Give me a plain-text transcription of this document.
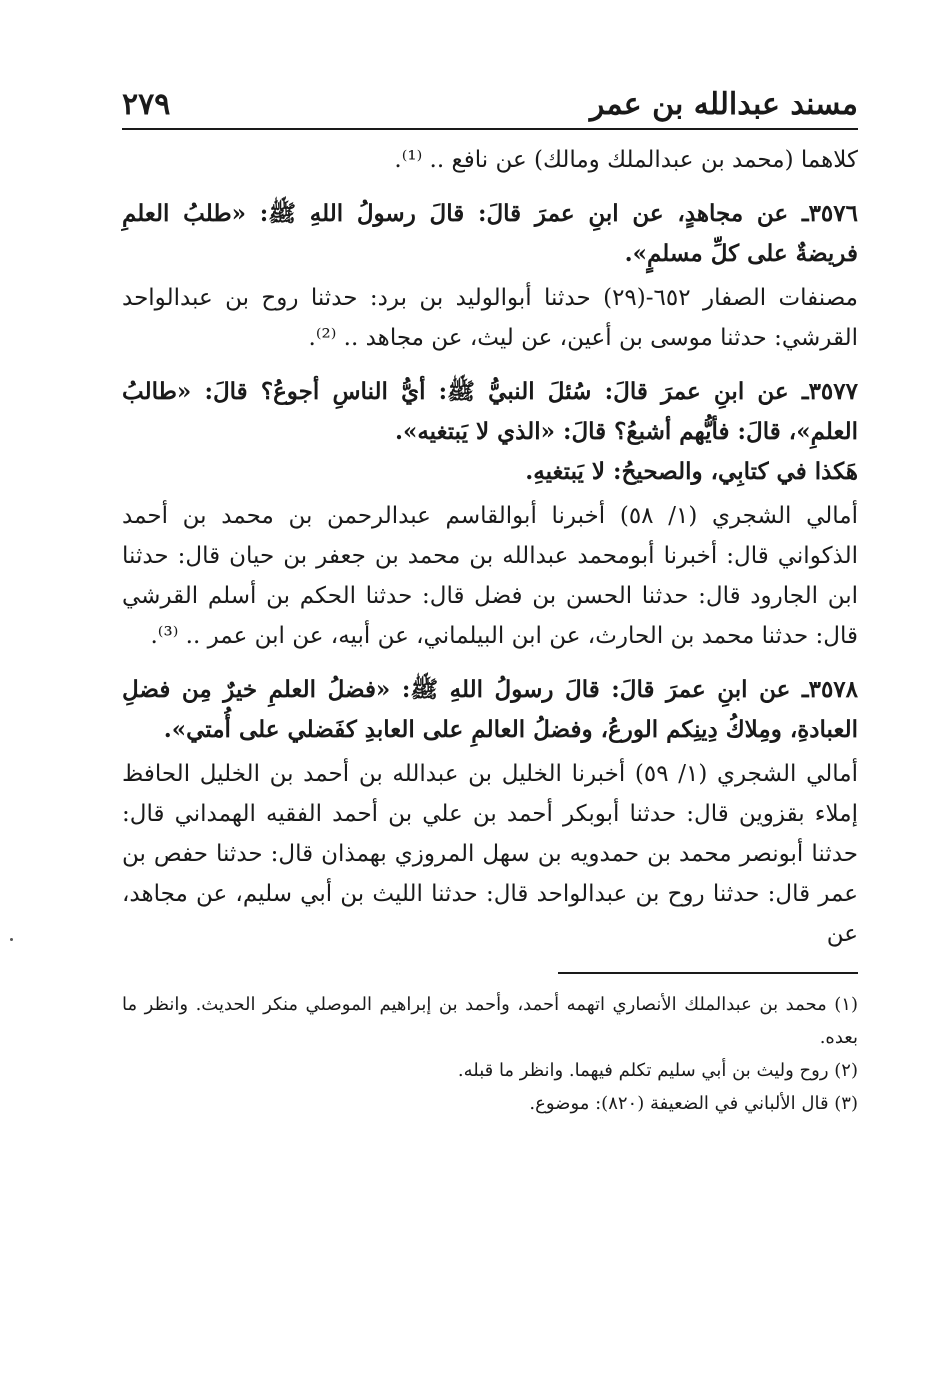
مسند عبدالله بن عمر
٢٧٩

كلاهما (محمد بن عبدالملك ومالك) عن نافع .. ⁽¹⁾.

٣٥٧٦ـ عن مجاهدٍ، عن ابنِ عمرَ قالَ: قالَ رسولُ اللهِ ﷺ: «طلبُ العلمِ فريضةٌ على كلِّ مسلمٍ».

مصنفات الصفار ٦٥٢-(٢٩) حدثنا أبوالوليد بن برد: حدثنا روح بن عبدالواحد القرشي: حدثنا موسى بن أعين، عن ليث، عن مجاهد .. ⁽²⁾.

٣٥٧٧ـ عن ابنِ عمرَ قالَ: سُئلَ النبيُّ ﷺ: أيُّ الناسِ أجوعُ؟ قالَ: «طالبُ العلمِ»، قالَ: فأيُّهم أشبعُ؟ قالَ: «الذي لا يَبتغيه».

هَكذا في كتابِي، والصحيحُ: لا يَبتغيهِ.

أمالي الشجري (١/ ٥٨) أخبرنا أبوالقاسم عبدالرحمن بن محمد بن أحمد الذكواني قال: أخبرنا أبومحمد عبدالله بن محمد بن جعفر بن حيان قال: حدثنا ابن الجارود قال: حدثنا الحسن بن فضل قال: حدثنا الحكم بن أسلم القرشي قال: حدثنا محمد بن الحارث، عن ابن البيلماني، عن أبيه، عن ابن عمر .. ⁽³⁾.

٣٥٧٨ـ عن ابنِ عمرَ قالَ: قالَ رسولُ اللهِ ﷺ: «فضلُ العلمِ خيرٌ مِن فضلِ العبادةِ، ومِلاكُ دِينِكم الورعُ، وفضلُ العالمِ على العابدِ كفَضلي على أُمتي».

أمالي الشجري (١/ ٥٩) أخبرنا الخليل بن عبدالله بن أحمد بن الخليل الحافظ إملاء بقزوين قال: حدثنا أبوبكر أحمد بن علي بن أحمد الفقيه الهمداني قال: حدثنا أبونصر محمد بن حمدويه بن سهل المروزي بهمذان قال: حدثنا حفص بن عمر قال: حدثنا روح بن عبدالواحد قال: حدثنا الليث بن أبي سليم، عن مجاهد، عن

(١) محمد بن عبدالملك الأنصاري اتهمه أحمد، وأحمد بن إبراهيم الموصلي منكر الحديث. وانظر ما بعده.

(٢) روح وليث بن أبي سليم تكلم فيهما. وانظر ما قبله.

(٣) قال الألباني في الضعيفة (٨٢٠): موضوع.
